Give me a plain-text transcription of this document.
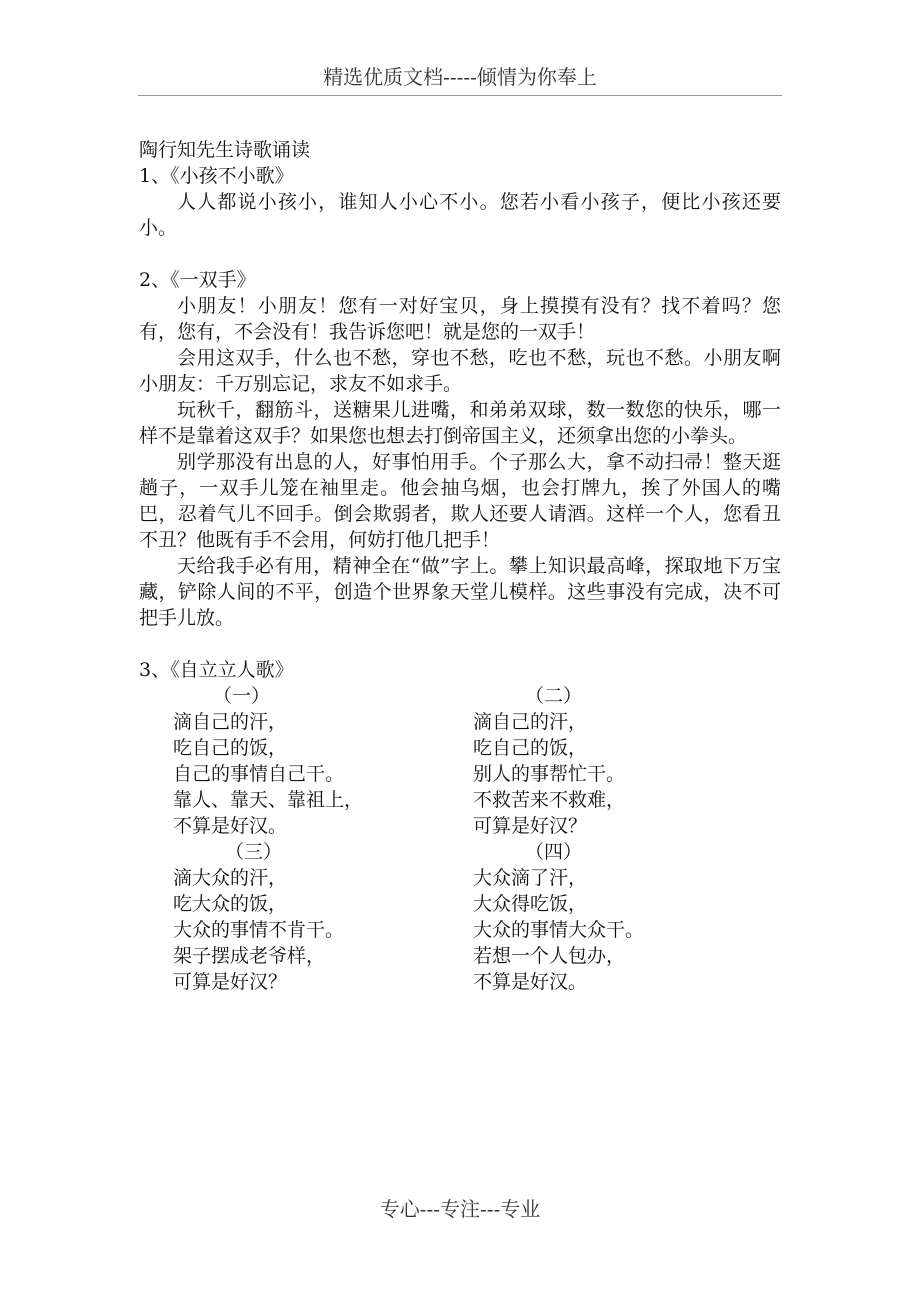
精选优质文档-----倾情为你奉上
陶行知先生诗歌诵读
1、《小孩不小歌》
人人都说小孩小，谁知人小心不小。您若小看小孩子，便比小孩还要小。
2、《一双手》
小朋友！小朋友！您有一对好宝贝，身上摸摸有没有？找不着吗？您有，您有，不会没有！我告诉您吧！就是您的一双手！
会用这双手，什么也不愁，穿也不愁，吃也不愁，玩也不愁。小朋友啊小朋友：千万别忘记，求友不如求手。
玩秋千，翻筋斗，送糖果儿进嘴，和弟弟双球，数一数您的快乐，哪一样不是靠着这双手？如果您也想去打倒帝国主义，还须拿出您的小拳头。
别学那没有出息的人，好事怕用手。个子那么大，拿不动扫帚！整天逛趟子，一双手儿笼在袖里走。他会抽乌烟，也会打牌九，挨了外国人的嘴巴，忍着气儿不回手。倒会欺弱者，欺人还要人请酒。这样一个人，您看丑不丑？他既有手不会用，何妨打他几把手！
天给我手必有用，精神全在“做”字上。攀上知识最高峰，探取地下万宝藏，铲除人间的不平，创造个世界象天堂儿模样。这些事没有完成，决不可把手儿放。
3、《自立立人歌》
（一）	（二）
滴自己的汗，	滴自己的汗，
吃自己的饭，	吃自己的饭，
自己的事情自己干。	别人的事帮忙干。
靠人、靠天、靠祖上，	不救苦来不救难，
不算是好汉。	可算是好汉？
（三）	（四）
滴大众的汗，	大众滴了汗，
吃大众的饭，	大众得吃饭，
大众的事情不肯干。	大众的事情大众干。
架子摆成老爷样，	若想一个人包办，
可算是好汉？	不算是好汉。
专心---专注---专业
